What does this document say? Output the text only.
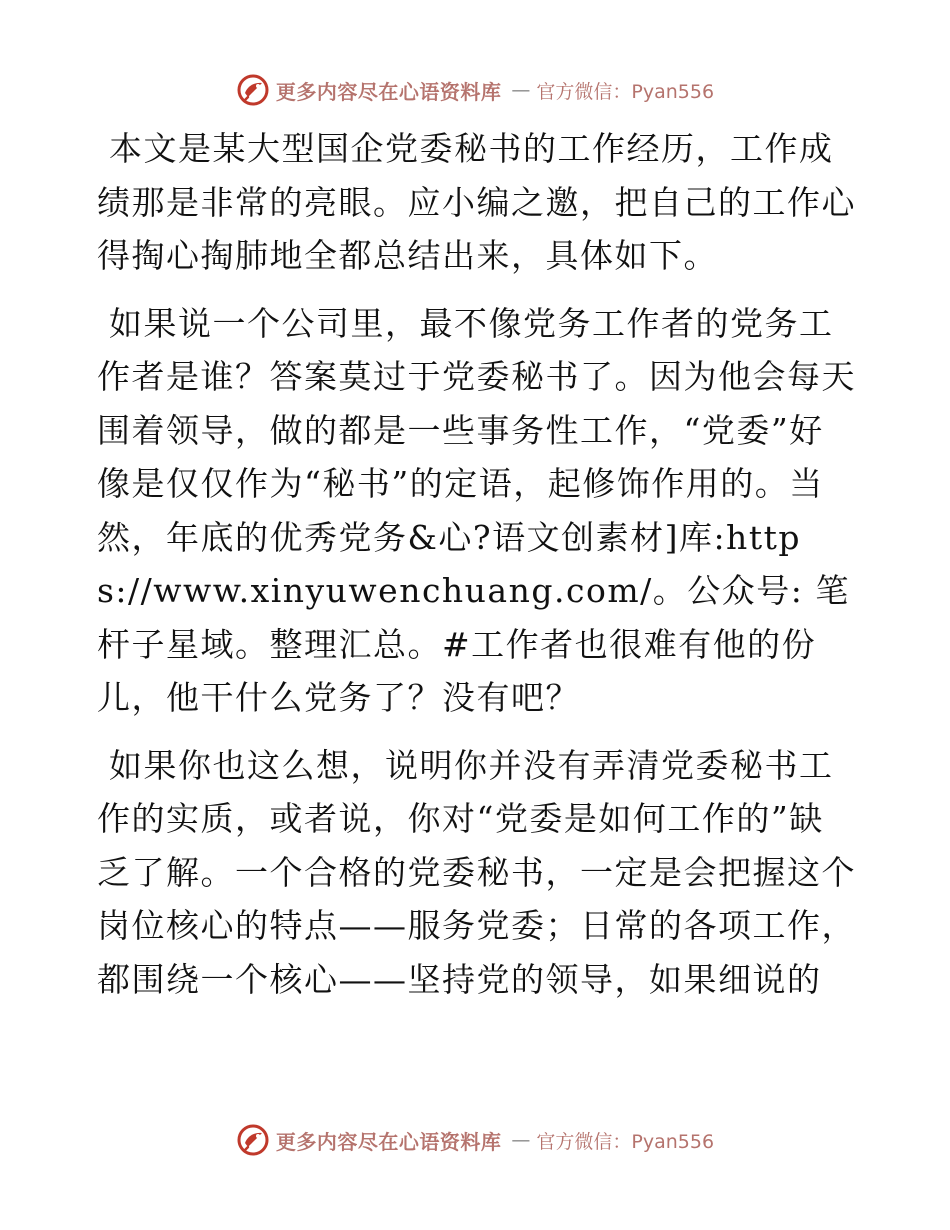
更多内容尽在心语资料库 — 官方微信：Pyan556

本文是某大型国企党委秘书的工作经历，工作成绩那是非常的亮眼。应小编之邀，把自己的工作心得掏心掏肺地全都总结出来，具体如下。

如果说一个公司里，最不像党务工作者的党务工作者是谁？答案莫过于党委秘书了。因为他会每天围着领导，做的都是一些事务性工作，“党委”好像是仅仅作为“秘书”的定语，起修饰作用的。当然，年底的优秀党务&心?语文创素材]库:https://www.xinyuwenchuang.com/。公众号: 笔杆子星域。整理汇总。#工作者也很难有他的份儿，他干什么党务了？没有吧？

如果你也这么想，说明你并没有弄清党委秘书工作的实质，或者说，你对“党委是如何工作的”缺乏了解。一个合格的党委秘书，一定是会把握这个岗位核心的特点——服务党委；日常的各项工作，都围绕一个核心——坚持党的领导，如果细说的

更多内容尽在心语资料库 — 官方微信：Pyan556
